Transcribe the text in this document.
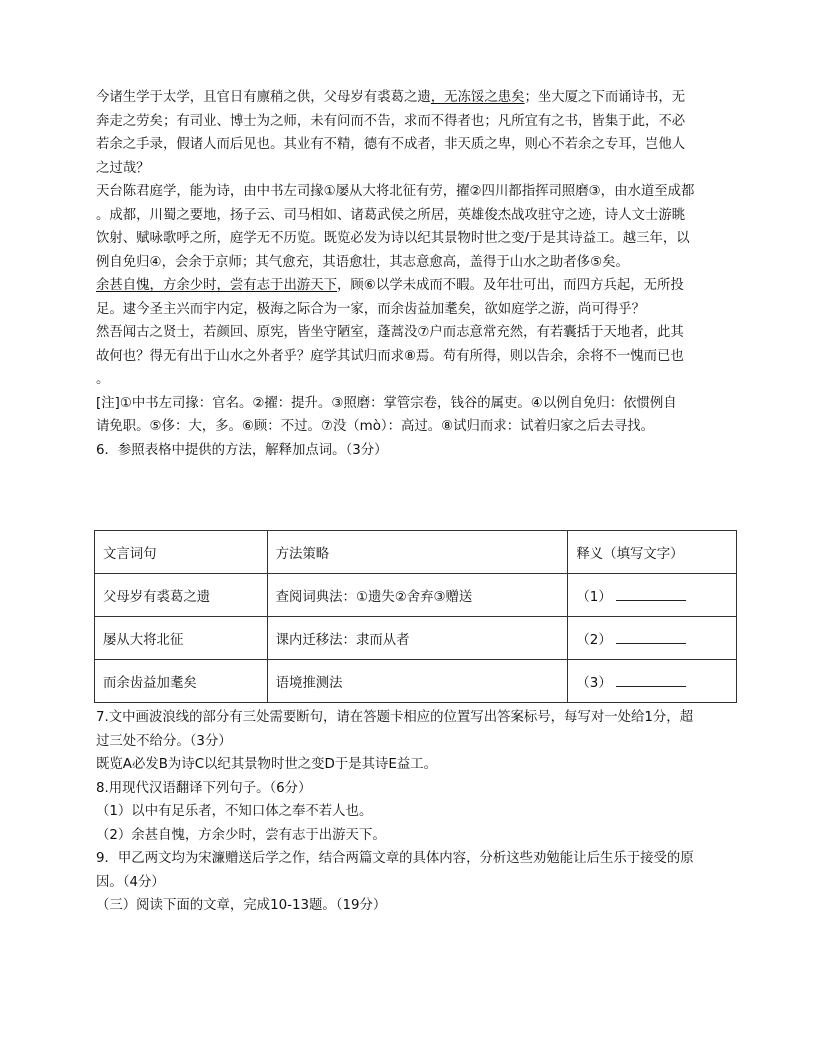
今诸生学于太学，且官日有廪稍之供，父母岁有裘葛之遗，无冻馁之患矣；坐大厦之下而诵诗书，无
奔走之劳矣；有司业、博士为之师，未有问而不告，求而不得者也；凡所宜有之书，皆集于此，不必
若余之手录，假诸人而后见也。其业有不精，德有不成者，非天质之卑，则心不若余之专耳，岂他人
之过哉？
天台陈君庭学，能为诗，由中书左司掾①屡从大将北征有劳，擢②四川都指挥司照磨③，由水道至成都
。成都，川蜀之要地，扬子云、司马相如、诸葛武侯之所居，英雄俊杰战攻驻守之迹，诗人文士游眺
饮射、赋咏歌呼之所，庭学无不历览。既览必发为诗以纪其景物时世之变/于是其诗益工。越三年，以
例自免归④，会余于京师；其气愈充，其语愈壮，其志意愈高，盖得于山水之助者侈⑤矣。
余甚自愧，方余少时，尝有志于出游天下，顾⑥以学未成而不暇。及年壮可出，而四方兵起，无所投
足。逮今圣主兴而宇内定，极海之际合为一家，而余齿益加耄矣，欲如庭学之游，尚可得乎？
然吾闻古之贤士，若颜回、原宪，皆坐守陋室，蓬蒿没⑦户而志意常充然，有若囊括于天地者，此其
故何也？得无有出于山水之外者乎？庭学其试归而求⑧焉。苟有所得，则以告余，余将不一愧而已也
。
[注]①中书左司掾：官名。②擢：提升。③照磨：掌管宗卷，钱谷的属吏。④以例自免归：依惯例自
请免职。⑤侈：大，多。⑥顾：不过。⑦没（mò）：高过。⑧试归而求：试着归家之后去寻找。
6．参照表格中提供的方法，解释加点词。（3分）
文言词句	方法策略	释义（填写文字）
父母岁有裘葛之遗	查阅词典法：①遗失②舍弃③赠送	（1）
屡从大将北征	课内迁移法：隶而从者	（2）
而余齿益加耄矣	语境推测法	（3）
7.文中画波浪线的部分有三处需要断句，请在答题卡相应的位置写出答案标号，每写对一处给1分，超
过三处不给分。（3分）
既览A必发B为诗C以纪其景物时世之变D于是其诗E益工。
8.用现代汉语翻译下列句子。（6分）
（1）以中有足乐者，不知口体之奉不若人也。
（2）余甚自愧，方余少时，尝有志于出游天下。
9．甲乙两文均为宋濂赠送后学之作，结合两篇文章的具体内容，分析这些劝勉能让后生乐于接受的原
因。（4分）
（三）阅读下面的文章，完成10-13题。（19分）
